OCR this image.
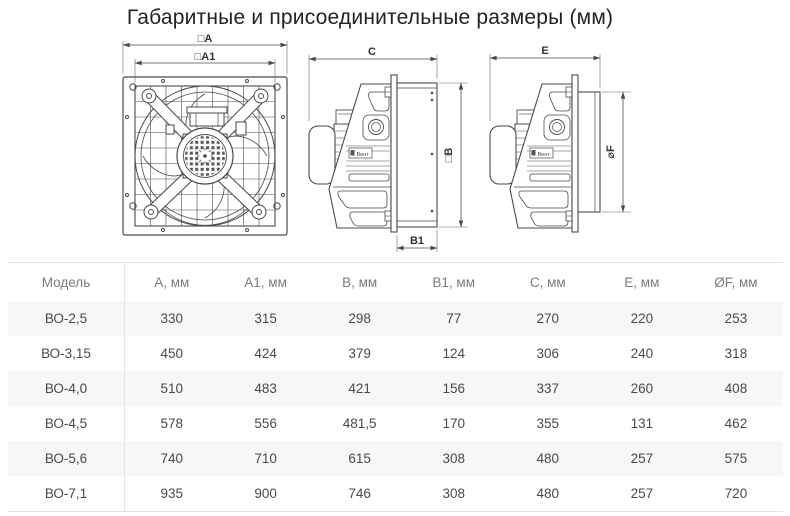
Габаритные и присоединительные размеры (мм)
□A
□A1
Вент
C
□B
B1
E
⌀F
Модель	A, мм	A1, мм	B, мм	B1, мм	C, мм	E, мм	ØF, мм
ВО-2,5	330	315	298	77	270	220	253
ВО-3,15	450	424	379	124	306	240	318
ВО-4,0	510	483	421	156	337	260	408
ВО-4,5	578	556	481,5	170	355	131	462
ВО-5,6	740	710	615	308	480	257	575
ВО-7,1	935	900	746	308	480	257	720
